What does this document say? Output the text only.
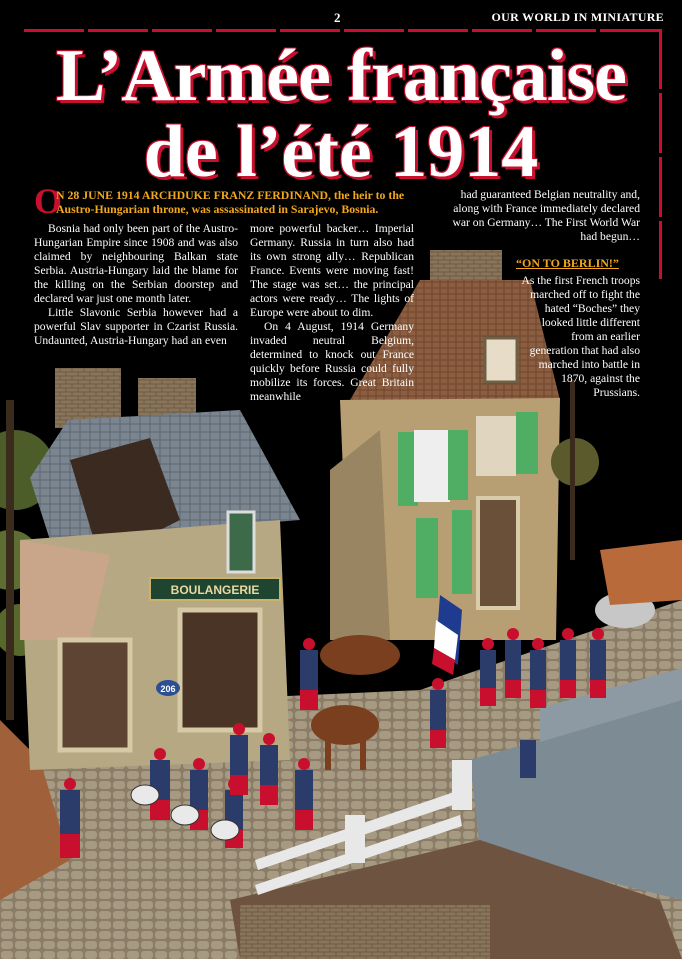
BOULANGERIE
206
2	OUR WORLD IN MINIATURE
L’Armée française
de l’été 1914
O
N 28 JUNE 1914 ARCHDUKE FRANZ FERDINAND, the heir to the Austro-Hungarian throne, was assassinated in Sarajevo, Bosnia.

Bosnia had only been part of the Austro-Hungarian Empire since 1908 and was also claimed by neighbouring Balkan state Serbia. Austria-Hungary laid the blame for the killing on the Serbian doorstep and declared war just one month later.

Little Slavonic Serbia however had a powerful Slav supporter in Czarist Russia. Undaunted, Austria-Hungary had an even

more powerful backer… Imperial Germany. Russia in turn also had its own strong ally… Republican France. Events were moving fast! The stage was set… the principal actors were ready… The lights of Europe were about to dim.

On 4 August, 1914 Germany invaded neutral Belgium, determined to knock out France quickly before Russia could fully mobilize its forces. Great Britain meanwhile

had guaranteed Belgian neutrality and, along with France immediately declared war on Germany… The First World War had begun…

“ON TO BERLIN!”

As the first French troops marched off to fight the hated “Boches” they looked little different from an earlier generation that had also marched into battle in 1870, against the Prussians.
